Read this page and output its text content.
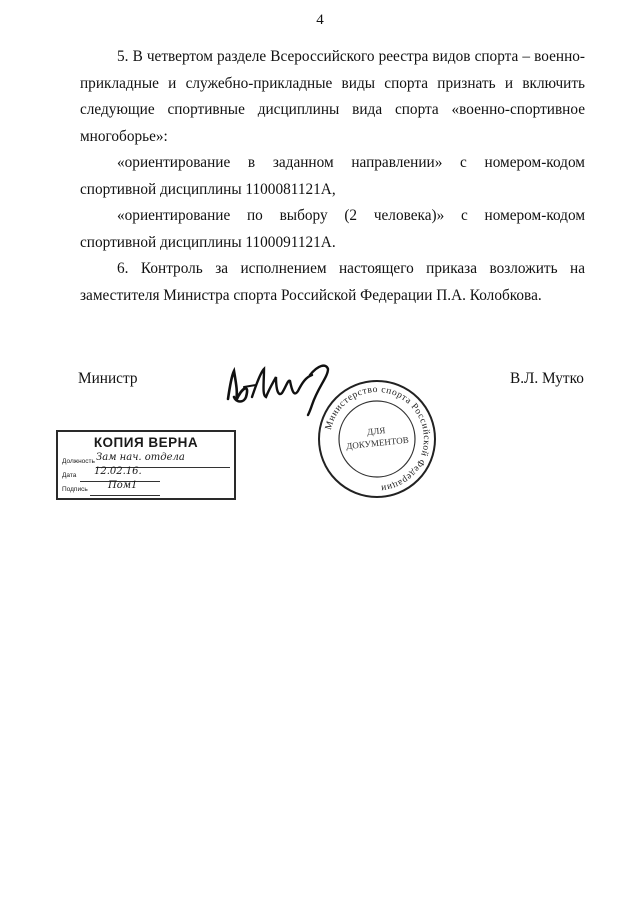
4

5. В четвертом разделе Всероссийского реестра видов спорта – военно-прикладные и служебно-прикладные виды спорта признать и включить следующие спортивные дисциплины вида спорта «военно-спортивное многоборье»:

«ориентирование в заданном направлении» с номером-кодом спортивной дисциплины 1100081121А,

«ориентирование по выбору (2 человека)» с номером-кодом спортивной дисциплины 1100091121А.

6. Контроль за исполнением настоящего приказа возложить на заместителя Министра спорта Российской Федерации П.А. Колобкова.

Министр	В.Л. Мутко
Министерство спорта Российской Федерации
ДЛЯ
ДОКУМЕНТОВ
КОПИЯ ВЕРНА
Должность Зам нач. отдела
Дата 12.02.16.
Подпись Пом1
